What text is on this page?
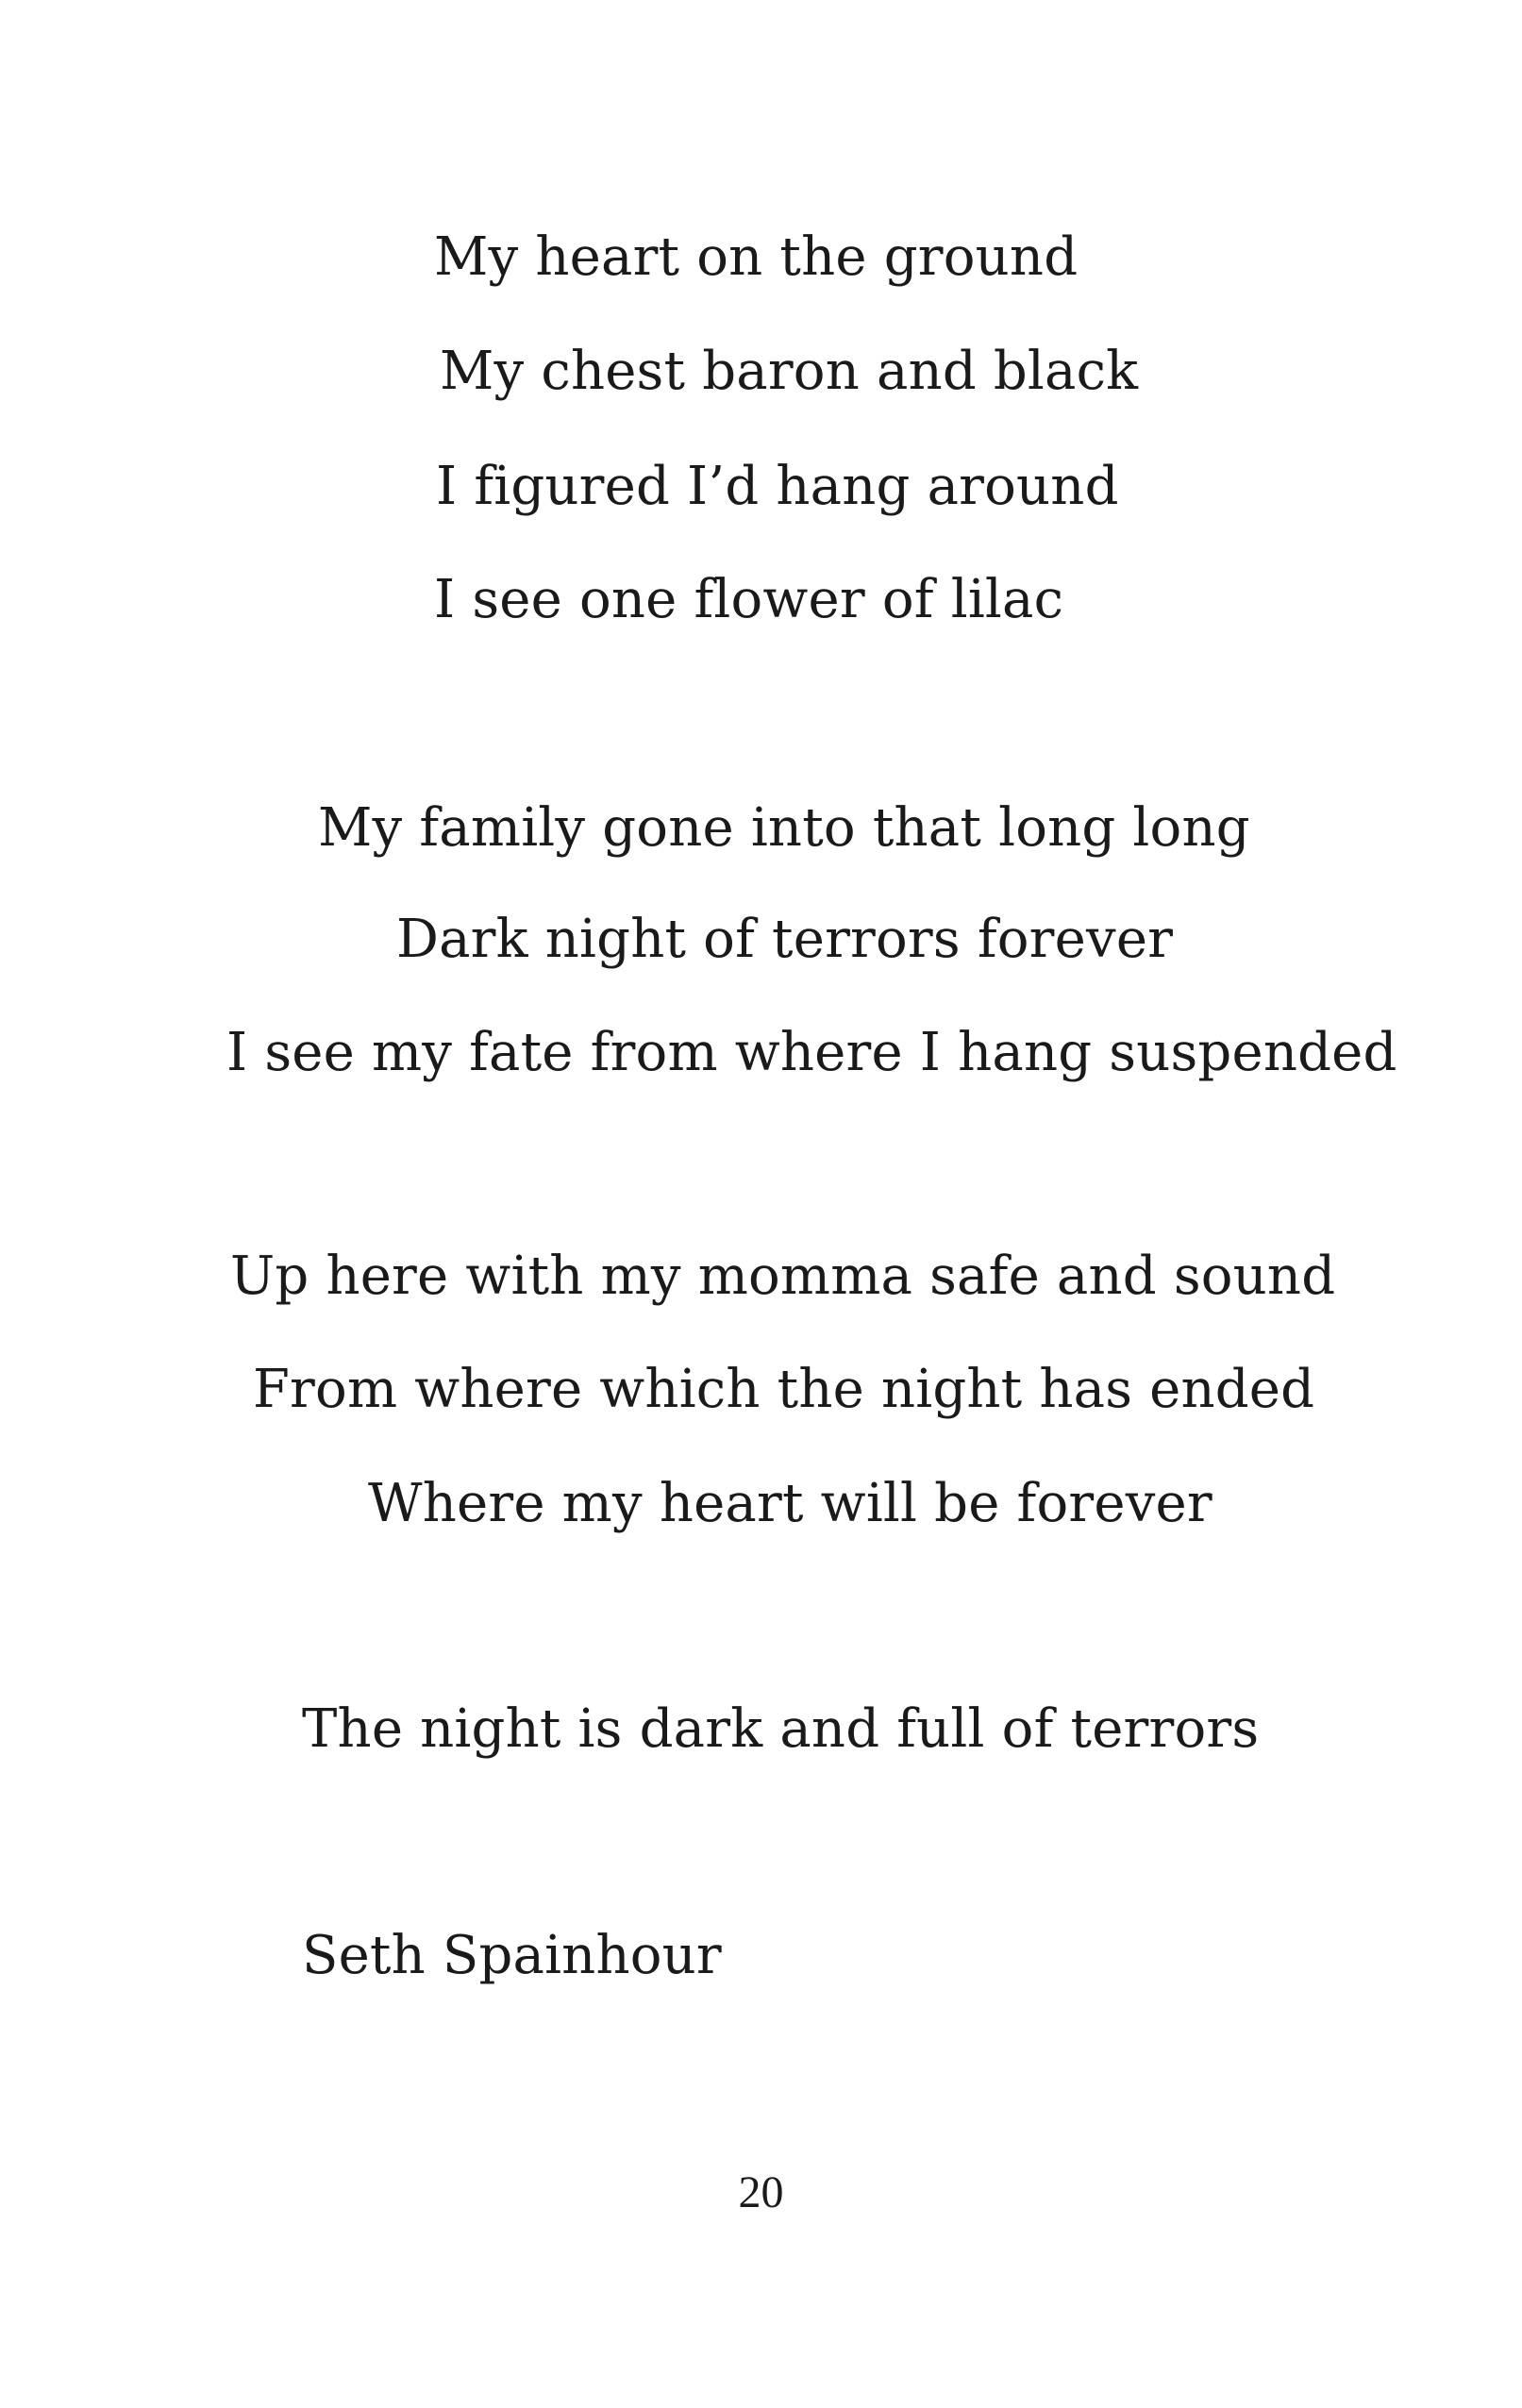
My heart on the ground
My chest baron and black
I figured I’d hang around
I see one flower of lilac
My family gone into that long long
Dark night of terrors forever
I see my fate from where I hang suspended
Up here with my momma safe and sound
From where which the night has ended
Where my heart will be forever
The night is dark and full of terrors
Seth Spainhour
20
